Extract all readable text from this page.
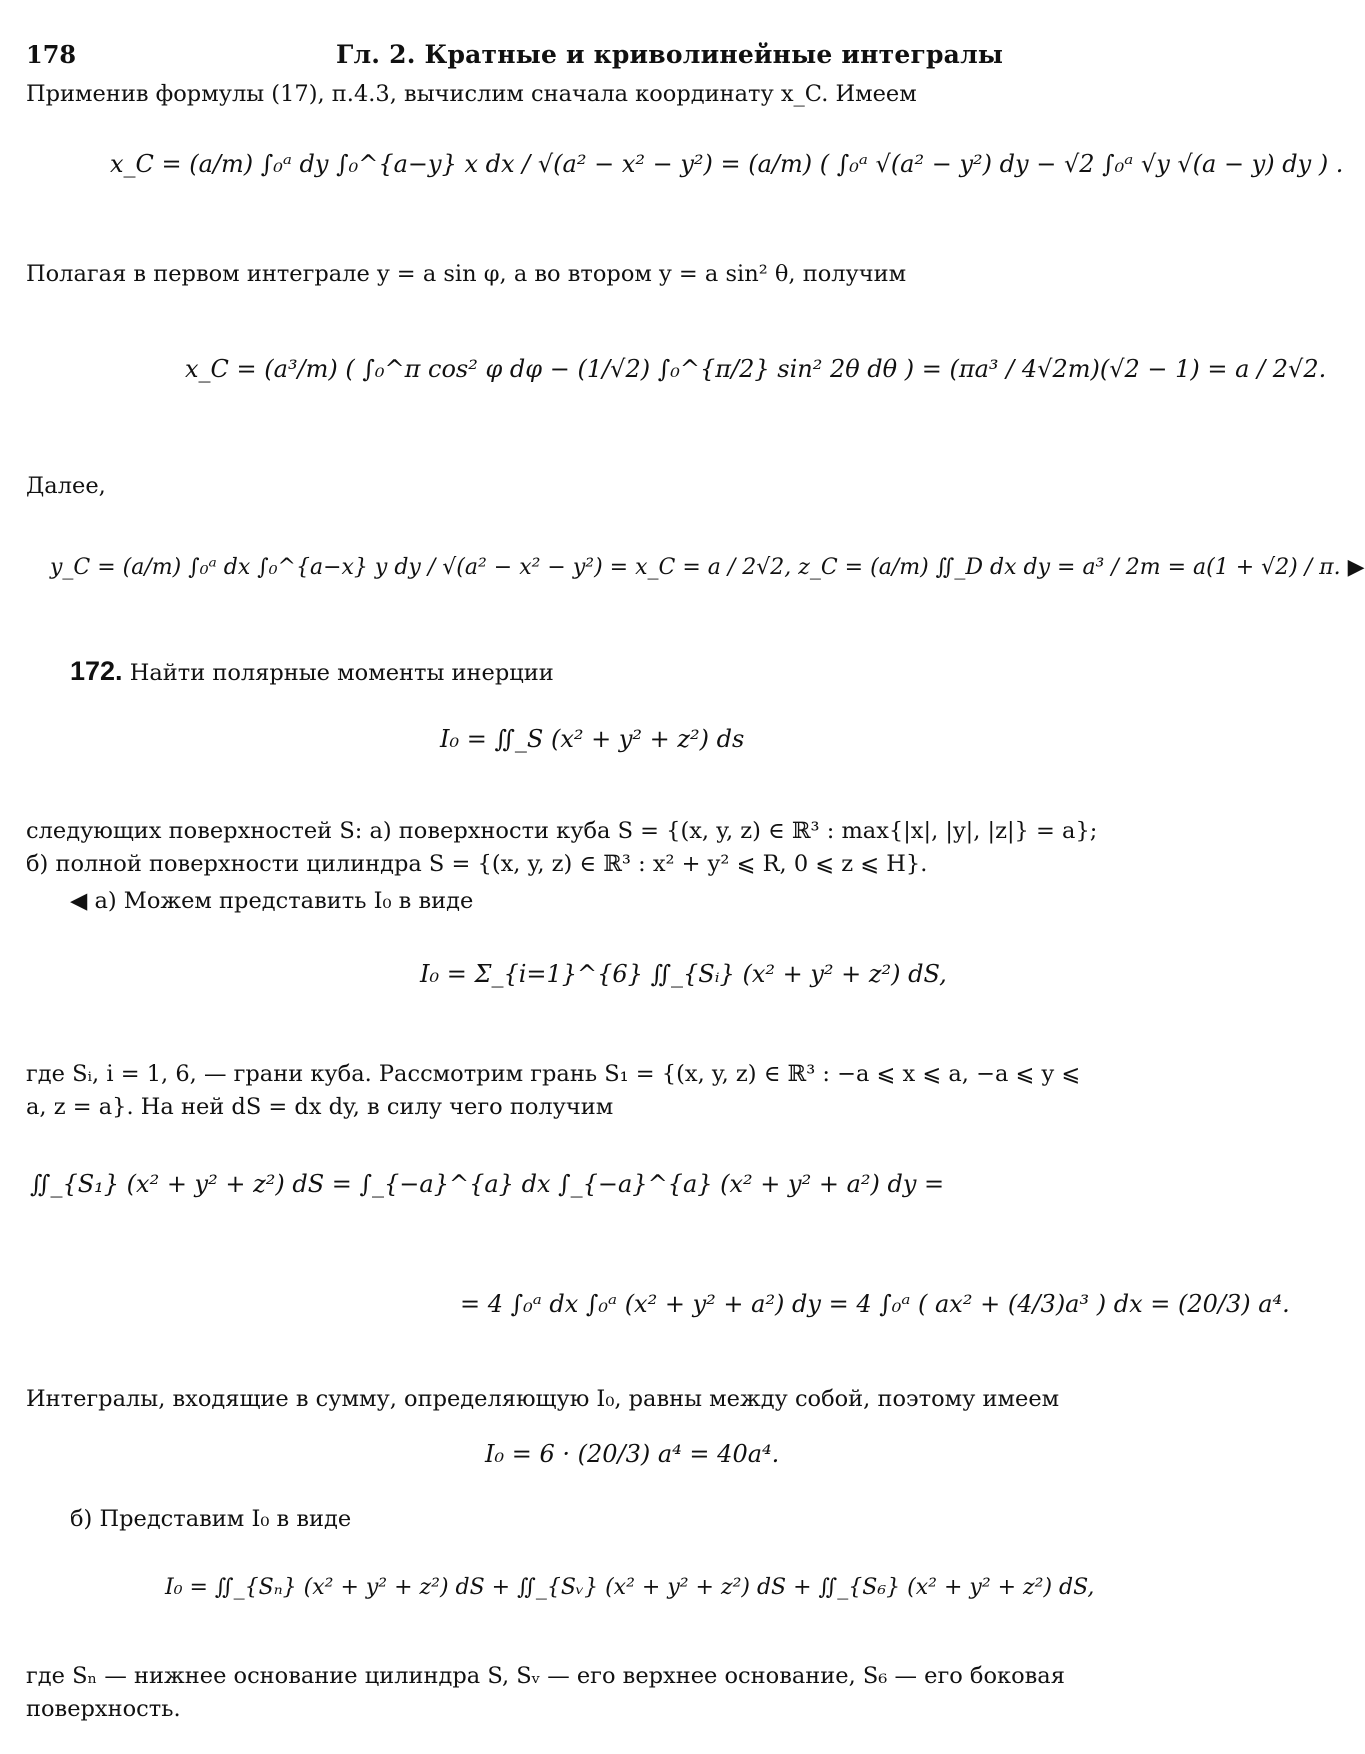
178	Гл. 2. Кратные и криволинейные интегралы

Применив формулы (17), п.4.3, вычислим сначала координату x_C. Имеем

x_C = (a/m) ∫₀ᵃ dy ∫₀^{a−y} x dx / √(a² − x² − y²) = (a/m) ( ∫₀ᵃ √(a² − y²) dy − √2 ∫₀ᵃ √y √(a − y) dy ) .

Полагая в первом интеграле y = a sin φ, а во втором y = a sin² θ, получим

x_C = (a³/m) ( ∫₀^π cos² φ dφ − (1/√2) ∫₀^{π/2} sin² 2θ dθ ) = (πa³ / 4√2m)(√2 − 1) = a / 2√2.

Далее,

y_C = (a/m) ∫₀ᵃ dx ∫₀^{a−x} y dy / √(a² − x² − y²) = x_C = a / 2√2, z_C = (a/m) ∬_D dx dy = a³ / 2m = a(1 + √2) / π. ▶

172. Найти полярные моменты инерции

I₀ = ∬_S (x² + y² + z²) ds

следующих поверхностей S: а) поверхности куба S = {(x, y, z) ∈ ℝ³ : max{|x|, |y|, |z|} = a};

б) полной поверхности цилиндра S = {(x, y, z) ∈ ℝ³ : x² + y² ⩽ R, 0 ⩽ z ⩽ H}.

◀ а) Можем представить I₀ в виде

I₀ = Σ_{i=1}^{6} ∬_{Sᵢ} (x² + y² + z²) dS,

где Sᵢ, i = 1, 6, — грани куба. Рассмотрим грань S₁ = {(x, y, z) ∈ ℝ³ : −a ⩽ x ⩽ a, −a ⩽ y ⩽

a, z = a}. На ней dS = dx dy, в силу чего получим

∬_{S₁} (x² + y² + z²) dS = ∫_{−a}^{a} dx ∫_{−a}^{a} (x² + y² + a²) dy =
= 4 ∫₀ᵃ dx ∫₀ᵃ (x² + y² + a²) dy = 4 ∫₀ᵃ ( ax² + (4/3)a³ ) dx = (20/3) a⁴.

Интегралы, входящие в сумму, определяющую I₀, равны между собой, поэтому имеем

I₀ = 6 · (20/3) a⁴ = 40a⁴.

б) Представим I₀ в виде

I₀ = ∬_{Sₙ} (x² + y² + z²) dS + ∬_{Sᵥ} (x² + y² + z²) dS + ∬_{S₆} (x² + y² + z²) dS,

где Sₙ — нижнее основание цилиндра S, Sᵥ — его верхнее основание, S₆ — его боковая

поверхность.
